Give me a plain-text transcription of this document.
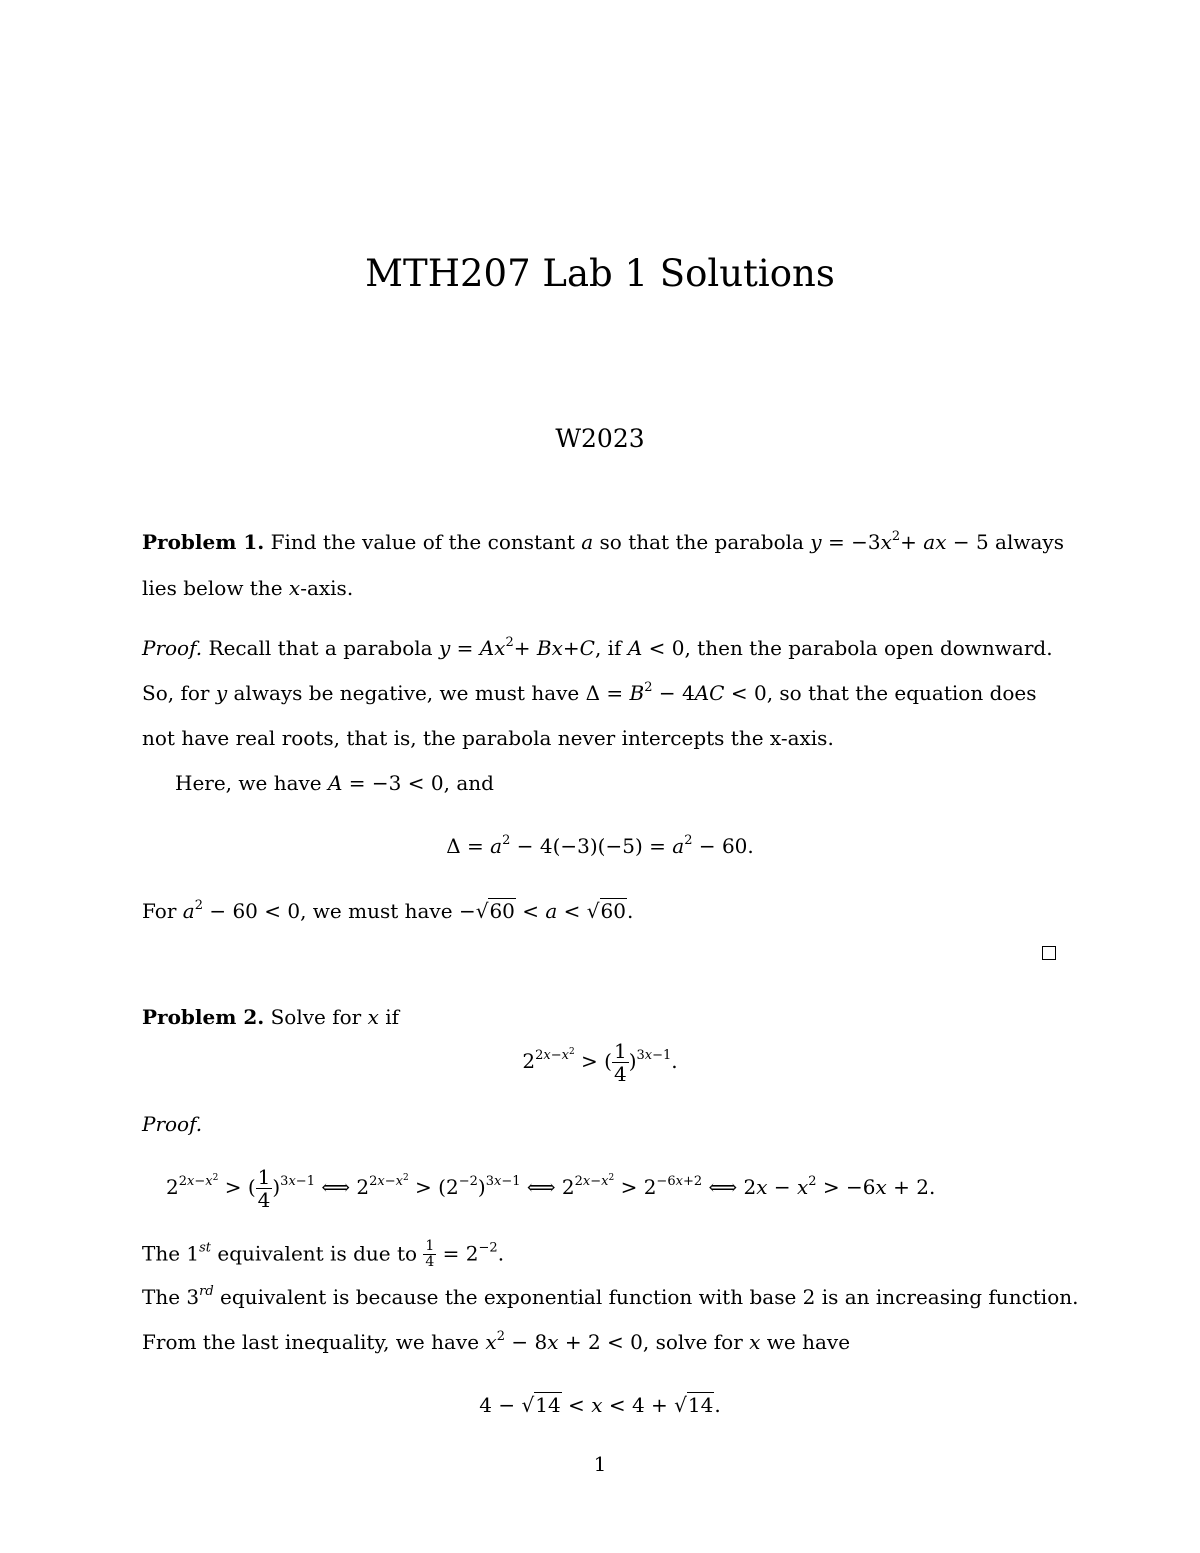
MTH207 Lab 1 Solutions
W2023
Problem 1. Find the value of the constant a so that the parabola $y = -3x^2+$ ax − 5 always
lies below the x-axis.
Proof. Recall that a parabola $y = Ax^2+ Bx+C$, if A < 0, then the parabola open downward.
So, for y always be negative, we must have $\Delta = B^2 - 4AC < 0$, so that the equation does
not have real roots, that is, the parabola never intercepts the x-axis.
Here, we have A = −3 < 0, and
$\Delta = a^2 - 4(-3)(-5) = a^2 - 60$.
For $a^2 - 60 < 0$, we must have −√60 < a < √60.
Problem 2. Solve for x if
$2^{2x-x^2}$ > ( $\frac{1}{4} )^{3x-1}$.
Proof.
$2^{2x-x^2}$ > ( $\frac{1}{4} )^{3x-1}$ ⟺ $2^{2x-x^2} > (2^{-2})^{3x-1}$ ⟺ $2^{2x-x^2} > 2^{-6x+2}$ ⟺ $2x - x^2 > -6x + 2$.
The 1st equivalent is due to $\frac{1}{4} = 2^{-2}$.
The 3rd equivalent is because the exponential function with base 2 is an increasing function.
From the last inequality, we have $x^2 - 8x + 2 < 0$, solve for x we have
4 − √14 < x < 4 + √14.
1
